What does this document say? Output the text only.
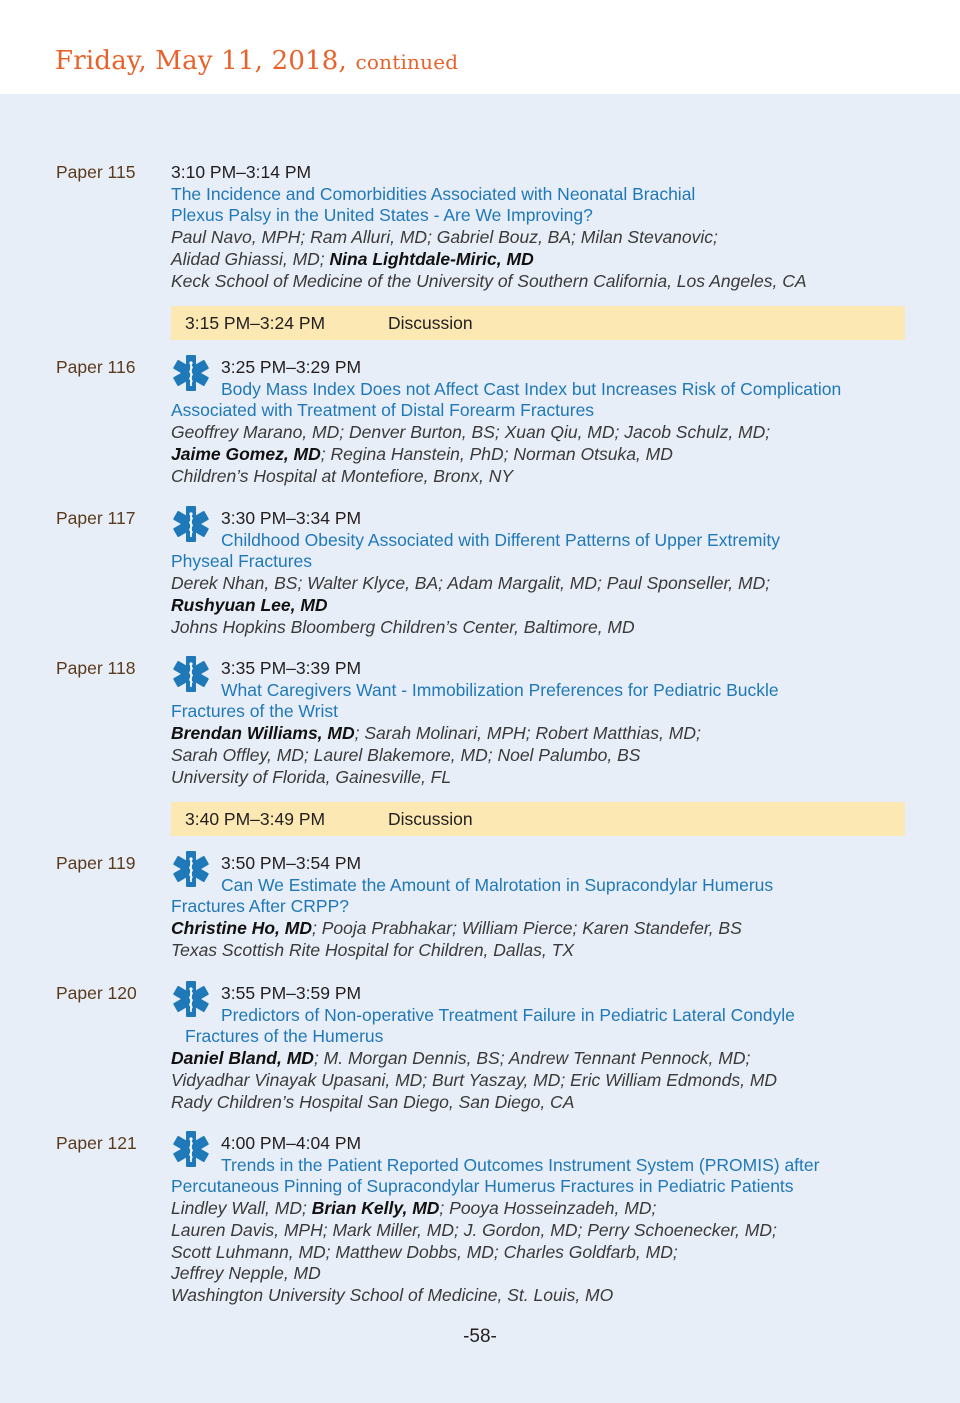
Friday, May 11, 2018, continued
Paper 115 3:10 PM–3:14 PM
The Incidence and Comorbidities Associated with Neonatal Brachial
Plexus Palsy in the United States - Are We Improving?
Paul Navo, MPH; Ram Alluri, MD; Gabriel Bouz, BA; Milan Stevanovic;
Alidad Ghiassi, MD; Nina Lightdale-Miric, MD
Keck School of Medicine of the University of Southern California, Los Angeles, CA
3:15 PM–3:24 PM	Discussion
Paper 116	3:25 PM–3:29 PM
Body Mass Index Does not Affect Cast Index but Increases Risk of Complication
Associated with Treatment of Distal Forearm Fractures
Geoffrey Marano, MD; Denver Burton, BS; Xuan Qiu, MD; Jacob Schulz, MD;
Jaime Gomez, MD; Regina Hanstein, PhD; Norman Otsuka, MD
Children’s Hospital at Montefiore, Bronx, NY
Paper 117	3:30 PM–3:34 PM
Childhood Obesity Associated with Different Patterns of Upper Extremity
Physeal Fractures
Derek Nhan, BS; Walter Klyce, BA; Adam Margalit, MD; Paul Sponseller, MD;
Rushyuan Lee, MD
Johns Hopkins Bloomberg Children’s Center, Baltimore, MD
Paper 118	3:35 PM–3:39 PM
What Caregivers Want - Immobilization Preferences for Pediatric Buckle
Fractures of the Wrist
Brendan Williams, MD; Sarah Molinari, MPH; Robert Matthias, MD;
Sarah Offley, MD; Laurel Blakemore, MD; Noel Palumbo, BS
University of Florida, Gainesville, FL
3:40 PM–3:49 PM	Discussion
Paper 119	3:50 PM–3:54 PM
Can We Estimate the Amount of Malrotation in Supracondylar Humerus
Fractures After CRPP?
Christine Ho, MD; Pooja Prabhakar; William Pierce; Karen Standefer, BS
Texas Scottish Rite Hospital for Children, Dallas, TX
Paper 120	3:55 PM–3:59 PM
Predictors of Non-operative Treatment Failure in Pediatric Lateral Condyle
Fractures of the Humerus
Daniel Bland, MD; M. Morgan Dennis, BS; Andrew Tennant Pennock, MD;
Vidyadhar Vinayak Upasani, MD; Burt Yaszay, MD; Eric William Edmonds, MD
Rady Children’s Hospital San Diego, San Diego, CA
Paper 121	4:00 PM–4:04 PM
Trends in the Patient Reported Outcomes Instrument System (PROMIS) after
Percutaneous Pinning of Supracondylar Humerus Fractures in Pediatric Patients
Lindley Wall, MD; Brian Kelly, MD; Pooya Hosseinzadeh, MD;
Lauren Davis, MPH; Mark Miller, MD; J. Gordon, MD; Perry Schoenecker, MD;
Scott Luhmann, MD; Matthew Dobbs, MD; Charles Goldfarb, MD;
Jeffrey Nepple, MD
Washington University School of Medicine, St. Louis, MO
-58-
